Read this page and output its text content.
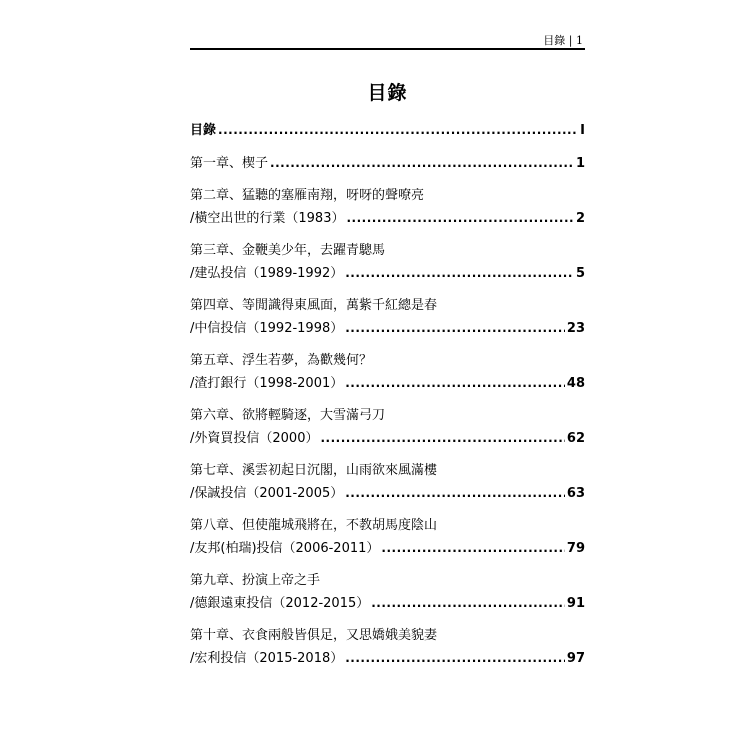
目錄 | 1
目錄
目錄 .....	I
第一章、楔子 .....	1
第二章、猛聽的塞雁南翔，呀呀的聲嘹亮
/橫空出世的行業（1983） .....	2
第三章、金鞭美少年，去躍青驄馬
/建弘投信（1989-1992） .....	5
第四章、等閒識得東風面，萬紫千紅總是春
/中信投信（1992-1998） .....	23
第五章、浮生若夢，為歡幾何？
/渣打銀行（1998-2001） .....	48
第六章、欲將輕騎逐，大雪滿弓刀
/外資買投信（2000） .....	62
第七章、溪雲初起日沉閣，山雨欲來風滿樓
/保誠投信（2001-2005） .....	63
第八章、但使龍城飛將在，不教胡馬度陰山
/友邦(柏瑞)投信（2006-2011） .....	79
第九章、扮演上帝之手
/德銀遠東投信（2012-2015） .....	91
第十章、衣食兩般皆俱足，又思嬌娥美貌妻
/宏利投信（2015-2018） .....	97
